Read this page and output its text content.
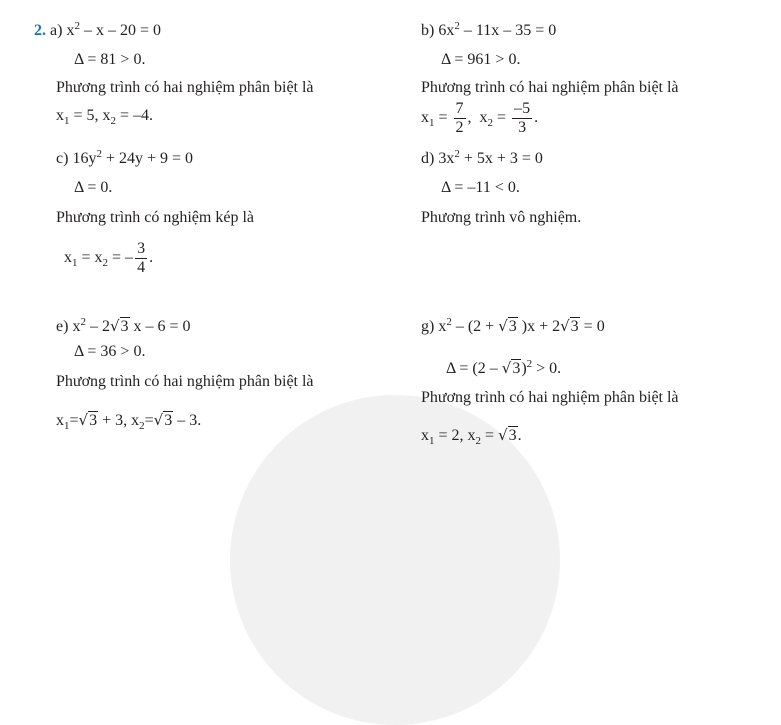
2. a) $x^2 - x - 20 = 0$
Δ = 81 > 0.
Phương trình có hai nghiệm phân biệt là
$x_1 = 5$, $x_2 = -4$.
b) $6x^2 - 11x - 35 = 0$
Δ = 961 > 0.
Phương trình có hai nghiệm phân biệt là
$x_1 = \frac{7}{2}$ ,  $x_2 = \frac{-5}{3}$ .
c) $16y^2 + 24y + 9 = 0$
Δ = 0.
Phương trình có nghiệm kép là
$x_1 = x_2$ = – $\frac{3}{4}$ .
d) $3x^2 + 5x + 3 = 0$
Δ = –11 < 0.
Phương trình vô nghiệm.
e) $x^2 - 2√3$ x – 6 = 0
Δ = 36 > 0.
Phương trình có hai nghiệm phân biệt là
$x_1=√3 + 3$, $x_2=√3 - 3$.
g) $x^2 - (2 + √3$ )x + 2√3 = 0
Δ = (2 – √3)$^2$ > 0.
Phương trình có hai nghiệm phân biệt là
$x_1 = 2$, $x_2 = √3$.
